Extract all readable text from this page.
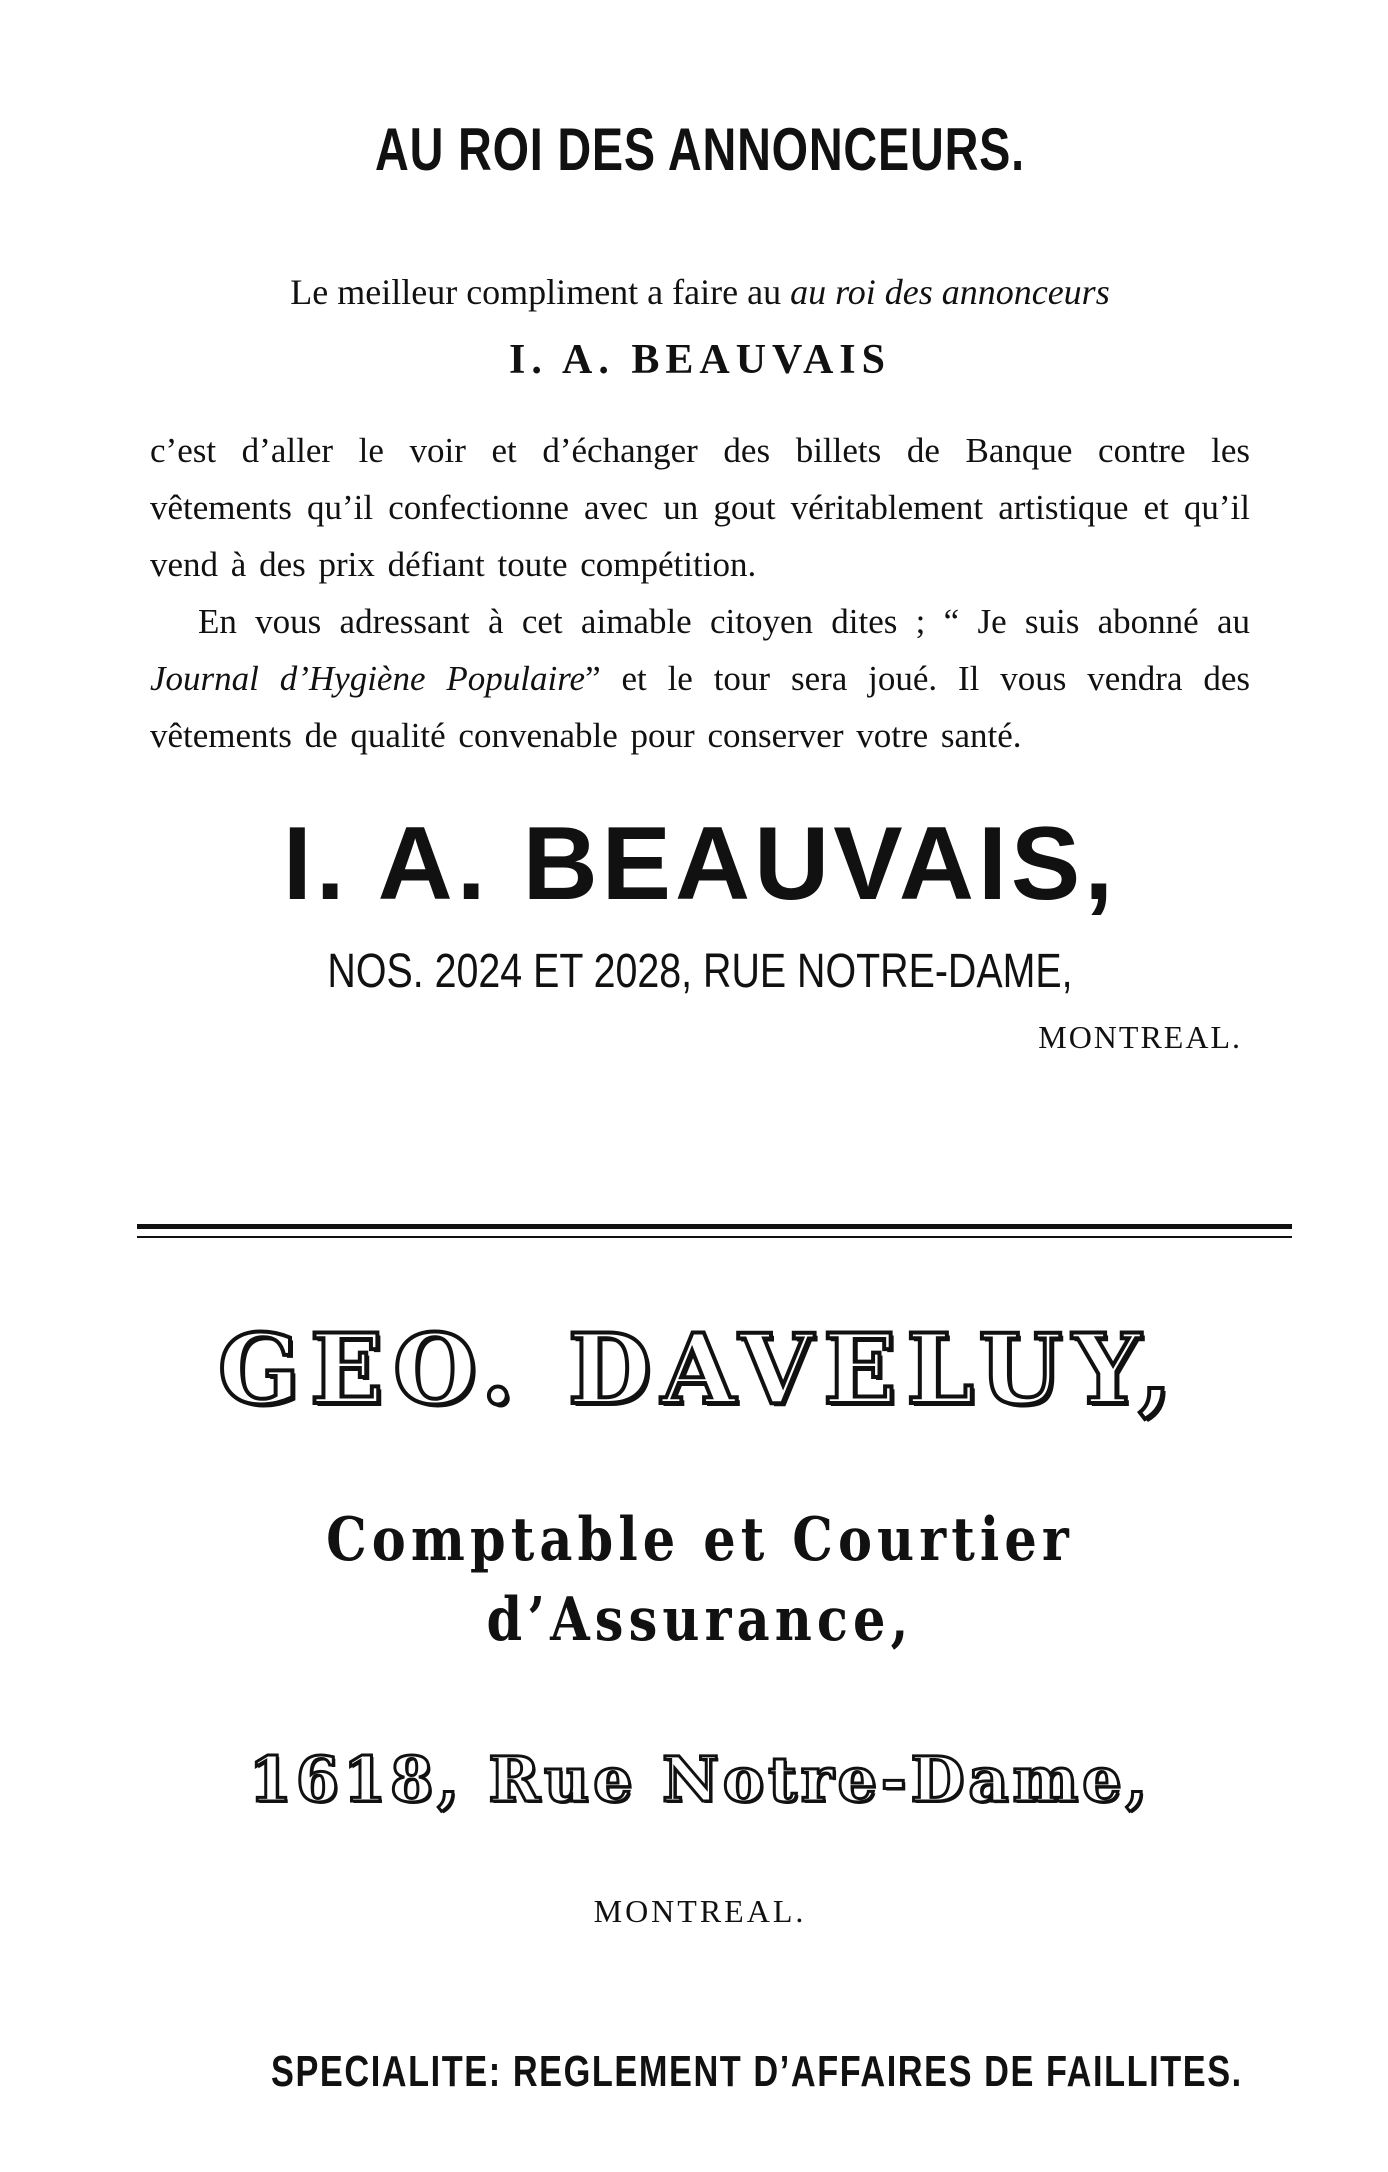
AU ROI DES ANNONCEURS.
Le meilleur compliment a faire au au roi des annonceurs
I. A. BEAUVAIS

c’est d’aller le voir et d’échanger des billets de Banque contre les vêtements qu’il confectionne avec un gout véritablement artistique et qu’il vend à des prix défiant toute compétition.

En vous adressant à cet aimable citoyen dites ; “ Je suis abonné au Journal d’Hygiène Populaire” et le tour sera joué. Il vous vendra des vêtements de qualité convenable pour conserver votre santé.

I. A. BEAUVAIS,
NOS. 2024 ET 2028, RUE NOTRE-DAME,
MONTREAL.
GEO. DAVELUY,
Comptable et Courtier d’Assurance,
1618, Rue Notre-Dame,
MONTREAL.
SPECIALITE: REGLEMENT D’AFFAIRES DE FAILLITES.
